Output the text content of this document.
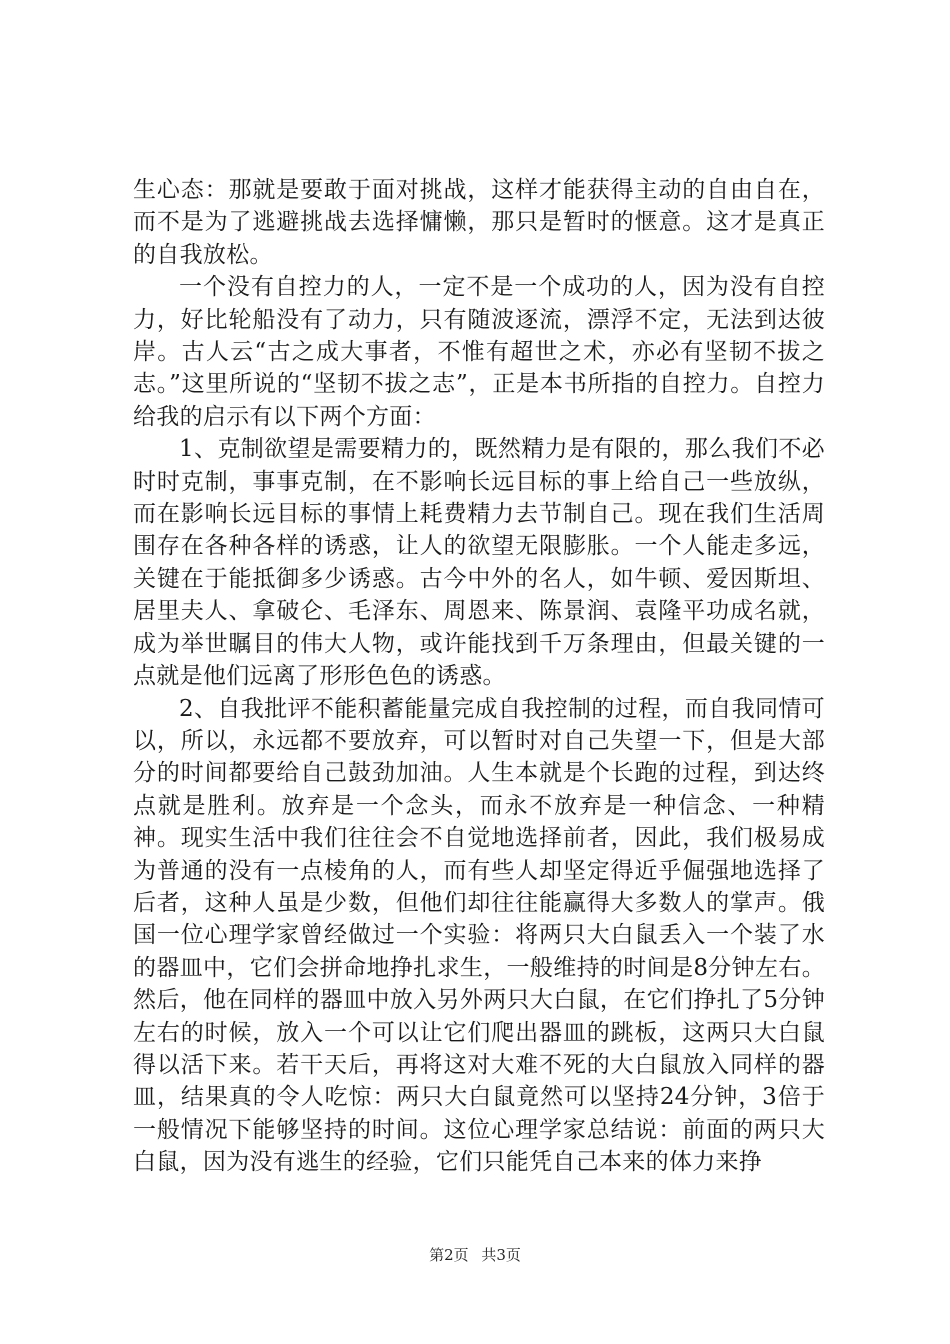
生心态：那就是要敢于面对挑战，这样才能获得主动的自由自在，而不是为了逃避挑战去选择慵懒，那只是暂时的惬意。这才是真正的自我放松。

一个没有自控力的人，一定不是一个成功的人，因为没有自控力，好比轮船没有了动力，只有随波逐流，漂浮不定，无法到达彼岸。古人云“古之成大事者，不惟有超世之术，亦必有坚韧不拔之志。”这里所说的“坚韧不拔之志”，正是本书所指的自控力。自控力给我的启示有以下两个方面：

1、克制欲望是需要精力的，既然精力是有限的，那么我们不必时时克制，事事克制，在不影响长远目标的事上给自己一些放纵，而在影响长远目标的事情上耗费精力去节制自己。现在我们生活周围存在各种各样的诱惑，让人的欲望无限膨胀。一个人能走多远，关键在于能抵御多少诱惑。古今中外的名人，如牛顿、爱因斯坦、居里夫人、拿破仑、毛泽东、周恩来、陈景润、袁隆平功成名就，成为举世瞩目的伟大人物，或许能找到千万条理由，但最关键的一点就是他们远离了形形色色的诱惑。

2、自我批评不能积蓄能量完成自我控制的过程，而自我同情可以，所以，永远都不要放弃，可以暂时对自己失望一下，但是大部分的时间都要给自己鼓劲加油。人生本就是个长跑的过程，到达终点就是胜利。放弃是一个念头，而永不放弃是一种信念、一种精神。现实生活中我们往往会不自觉地选择前者，因此，我们极易成为普通的没有一点棱角的人，而有些人却坚定得近乎倔强地选择了后者，这种人虽是少数，但他们却往往能赢得大多数人的掌声。俄国一位心理学家曾经做过一个实验：将两只大白鼠丢入一个装了水的器皿中，它们会拼命地挣扎求生，一般维持的时间是8分钟左右。然后，他在同样的器皿中放入另外两只大白鼠，在它们挣扎了5分钟左右的时候，放入一个可以让它们爬出器皿的跳板，这两只大白鼠得以活下来。若干天后，再将这对大难不死的大白鼠放入同样的器皿，结果真的令人吃惊：两只大白鼠竟然可以坚持24分钟，3倍于一般情况下能够坚持的时间。这位心理学家总结说：前面的两只大白鼠，因为没有逃生的经验，它们只能凭自己本来的体力来挣

第2页 共3页
